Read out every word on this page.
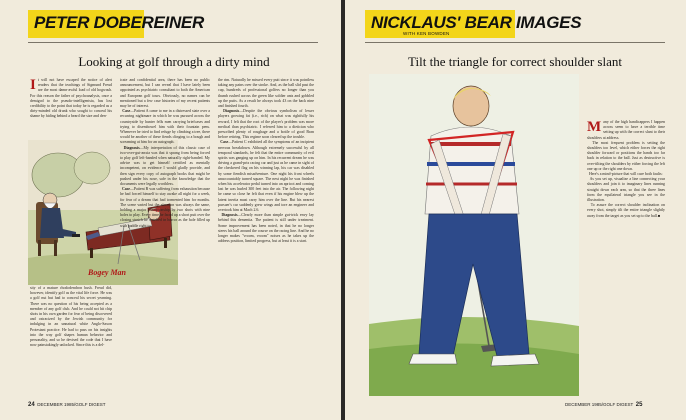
PETER DOBEREINER
Looking at golf through a dirty mind
It will not have escaped the notice of alert readers that the teachings of Sigmund Freud are the most damn-awful load of old hogwash. For this reason the father of psychoanalysis, once a demigod to the pseudo-intelligentsia, has lost credibility to the point that today he is regarded as a dirty-minded old drunk who sought to conceal his shame by hiding behind a beard the size and den-
Bogey Man
sity of a mature rhododendron bush. Freud did, however, identify golf as the vital life force. He was a golf nut but had to conceal his secret yearning. There was no question of his being accepted as a member of any golf club. And he could not hit chip shots in his own garden for fear of being discovered and ostracized by the Jewish community for indulging in an unnatural white Anglo-Saxon Protestant practice. He had to pass on his insights into the way golf shapes human behavior and personality, and so he devised the code that I have now painstakingly unlocked. Since this is a del-
icate and confidential area, there has been no public announcement, but I can reveal that I have lately been appointed as psychiatric consultant to both the American and European golf tours. Obviously, no names can be mentioned but a few case histories of my recent patients may be of interest.
Case—Patient A came to me in a distressed state over a recurring nightmare in which he was pursued across the countryside by hunter fells men carrying briefcases and trying to disembowel him with their fountain pens. Whenever he tried to find refuge by climbing a tree, there would be another of these fiends clinging to a bough and screaming at him for an autograph.
Diagnosis—My interpretation of this classic case of two-over-gut-anxia was that it sprang from being forced to play golf left-handed when naturally right-handed. My advice was to get himself certified as mentally incompetent, on evidence I would gladly provide, and then sign every copy of autograph books that might be pushed under his nose, safe in the knowledge that the documents were legally worthless.
Case—Patient B was suffering from exhaustion because he had forced himself to stay awake all night for a week, for fear of a dream that had tormented him for months. The scene varied but the situation was always the same, holding a major championship by two shots with nine holes to play. Every time he faced up a short putt over the closing stretch he watched in horror as the hole filled up with paddle right to
the rim. Naturally he missed every putt since it was pointless taking any pains over the stroke. And, as the ball slid past the cup, hundreds of professional golfers no longer than you thumb rushed across the green like soldier ants and gobbled up the putts. As a result he always took 43 on the back nine and finished fourth.
Diagnosis—Despite the obvious symbolism of lesser players growing fat (i.e., rich) on what was rightfully his reward, I felt that the root of the player's problem was more medical than psychiatric. I referred him to a dietician who prescribed plenty of roughage and a bottle of good Bran before retiring. This regime soon cleared up the trouble.
Case—Patient C exhibited all the symptoms of an incipient nervous breakdown. Although extremely successful by all temporal standards, he felt that the entire community of evil spirits was ganging up on him. In his recurrent dream he was driving a grand-prix racing car and just as he came in sight of the checkered flag on his winning lap, his car was disabled by some fiendish misadventure. One night his front wheels unaccountably turned square. The next night he was finished when his accelerator pedal turned into an apricot and coming last he was hurled 300 feet into the air. The following night he came so close he felt that even if his engine blew up the latent inertia must carry him over the line. But his nearest pursuer's car suddenly grew wings and tore an engineer and overtook him at Mach 2.6.
Diagnosis—Clearly more than simple gut-trick envy lay behind this dementia. The patient is still under treatment. Some improvement has been noted, in that he no longer steers his ball around the course on the racing line. And he no longer makes "vroom, vroom" noises as he takes up the address position, limited progress, but at least it is a start.
24 DECEMBER 1985/GOLF DIGEST
NICKLAUS' BEAR IMAGES
WITH KEN BOWDEN
Tilt the triangle for correct shoulder slant
Many of the high handicappers I happen across seem to have a terrible time setting up with the correct slant to their shoulders at address.
The most frequent problem is setting the shoulders too level, which either forces the right shoulder forward or positions the hands too far back in relation to the ball. Just as destructive is over-tilting the shoulders by either forcing the left one up or the right one down.
Here's a mind-picture that will cure both faults:
As you set up, visualize a line connecting your shoulders and join it to imaginary lines running straight down each arm, so that the three lines form the equilateral triangle you see in the illustration.
To assure the correct shoulder inclination on every shot, simply tilt the entire triangle slightly away from the target as you set up to the ball.■
DECEMBER 1985/GOLF DIGEST 25
